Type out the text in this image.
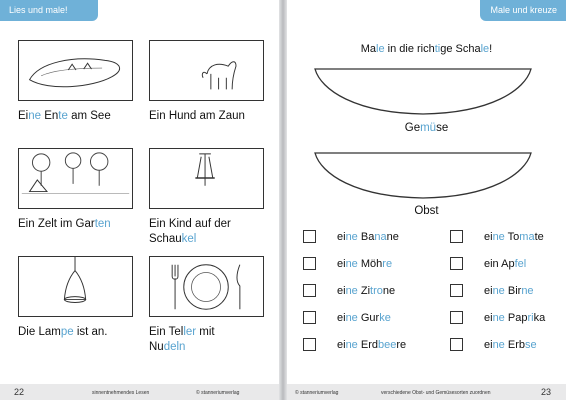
Lies und male!
Eine Ente am See	Ein Hund am Zaun
Ein Zelt im Garten	Ein Kind auf der
Schaukel
Die Lampe ist an.	Ein Teller mit
Nudeln
22	sinnentnehmendes Lesen	© stanneriumverlag
Male und kreuze an!
Male in die richtige Schale!
Gemüse
Obst
eine Banane
eine Möhre
eine Zitrone
eine Gurke
eine Erdbeere
eine Tomate
ein Apfel
eine Birne
eine Paprika
eine Erbse
© stanneriumverlag	verschiedene Obst- und Gemüsesorten zuordnen	23
